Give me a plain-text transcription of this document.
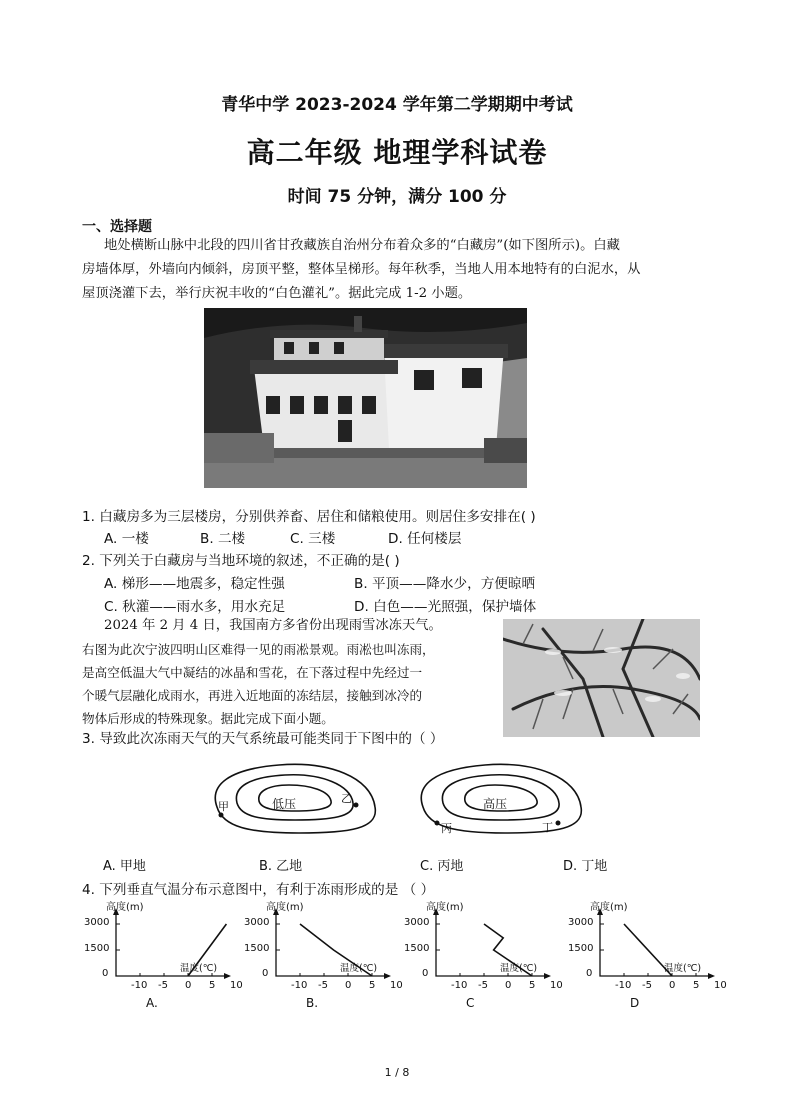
青华中学 2023-2024 学年第二学期期中考试
高二年级 地理学科试卷
时间 75 分钟，满分 100 分
一、选择题
地处横断山脉中北段的四川省甘孜藏族自治州分布着众多的“白藏房”(如下图所示)。白藏
房墙体厚，外墙向内倾斜，房顶平整，整体呈梯形。每年秋季，当地人用本地特有的白泥水，从
屋顶浇灌下去，举行庆祝丰收的“白色灌礼”。据此完成 1-2 小题。
1. 白藏房多为三层楼房，分别供养畜、居住和储粮使用。则居住多安排在( )
A. 一楼	B. 二楼	C. 三楼	D. 任何楼层
2. 下列关于白藏房与当地环境的叙述，不正确的是( )
A. 梯形——地震多，稳定性强	B. 平顶——降水少，方便晾晒
C. 秋灌——雨水多，用水充足	D. 白色——光照强，保护墙体
2024 年 2 月 4 日，我国南方多省份出现雨雪冰冻天气。
右图为此次宁波四明山区难得一见的雨凇景观。雨凇也叫冻雨，
是高空低温大气中凝结的冰晶和雪花，在下落过程中先经过一
个暖气层融化成雨水，再进入近地面的冻结层，接触到冰冷的
物体后形成的特殊现象。据此完成下面小题。
3. 导致此次冻雨天气的天气系统最可能类同于下图中的（ ）
低压
甲
乙	高压
丙	丁
A. 甲地	B. 乙地	C. 丙地	D. 丁地
4. 下列垂直气温分布示意图中，有利于冻雨形成的是 （ ）
高度(m)
3000
1500
0	温度(℃)
-10 -5 0 5 10
A.
高度(m)
3000
1500
0	温度(℃)
-10 -5 0 5 10
B.
高度(m)
3000
1500
0	温度(℃)
-10 -5 0 5 10
C
高度(m)
3000
1500
0	温度(℃)
-10 -5 0 5 10
D
1 / 8
